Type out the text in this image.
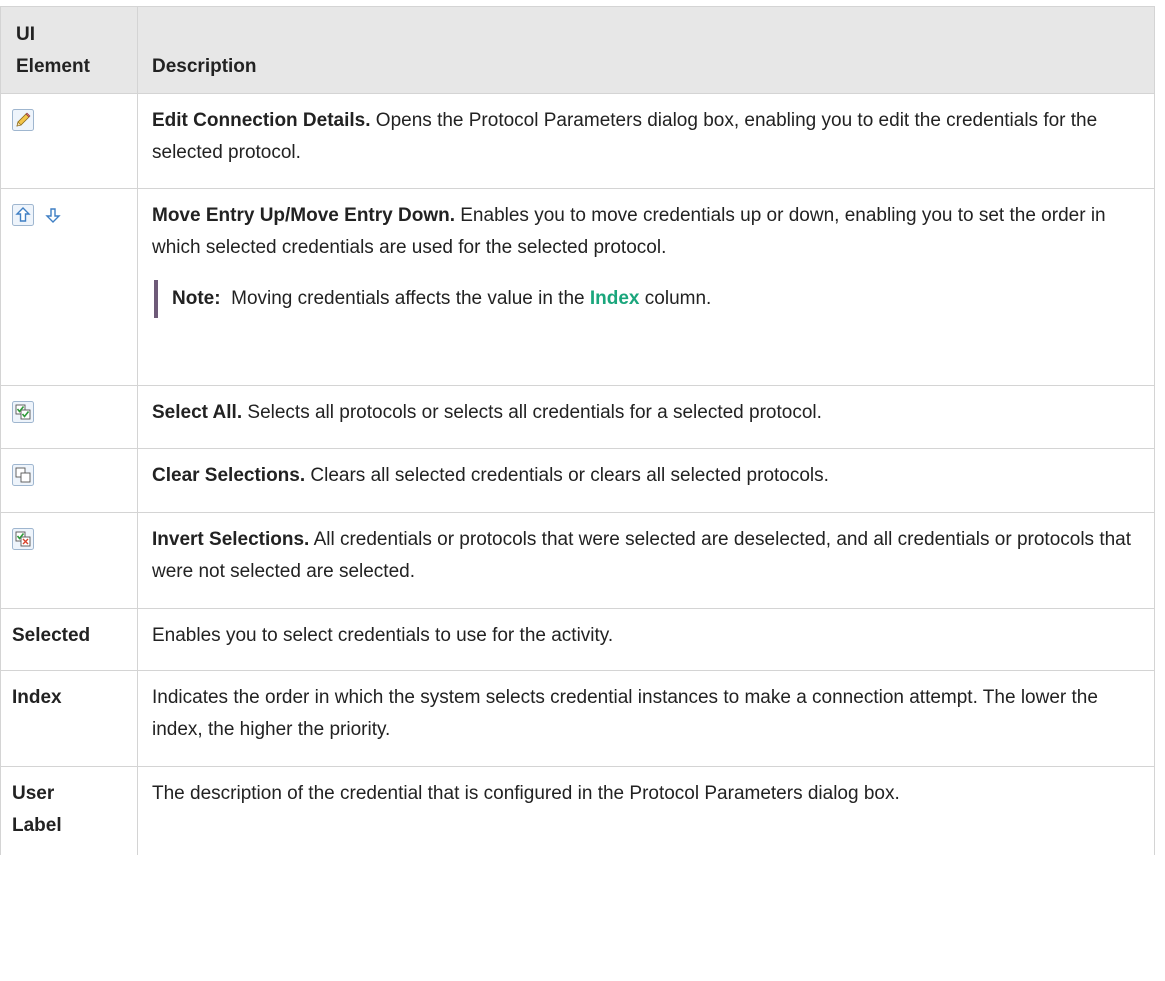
UI
Element	Description
	Edit Connection Details. Opens the Protocol Parameters dialog box, enabling you to edit the credentials for the selected protocol.
	Move Entry Up/Move Entry Down. Enables you to move credentials up or down, enabling you to set the order in which selected credentials are used for the selected protocol.
Note:  Moving credentials affects the value in the Index column.

	Select All. Selects all protocols or selects all credentials for a selected protocol.
	Clear Selections. Clears all selected credentials or clears all selected protocols.
	Invert Selections. All credentials or protocols that were selected are deselected, and all credentials or protocols that were not selected are selected.
Selected	Enables you to select credentials to use for the activity.
Index	Indicates the order in which the system selects credential instances to make a connection attempt. The lower the index, the higher the priority.
User
Label	The description of the credential that is configured in the Protocol Parameters dialog box.
